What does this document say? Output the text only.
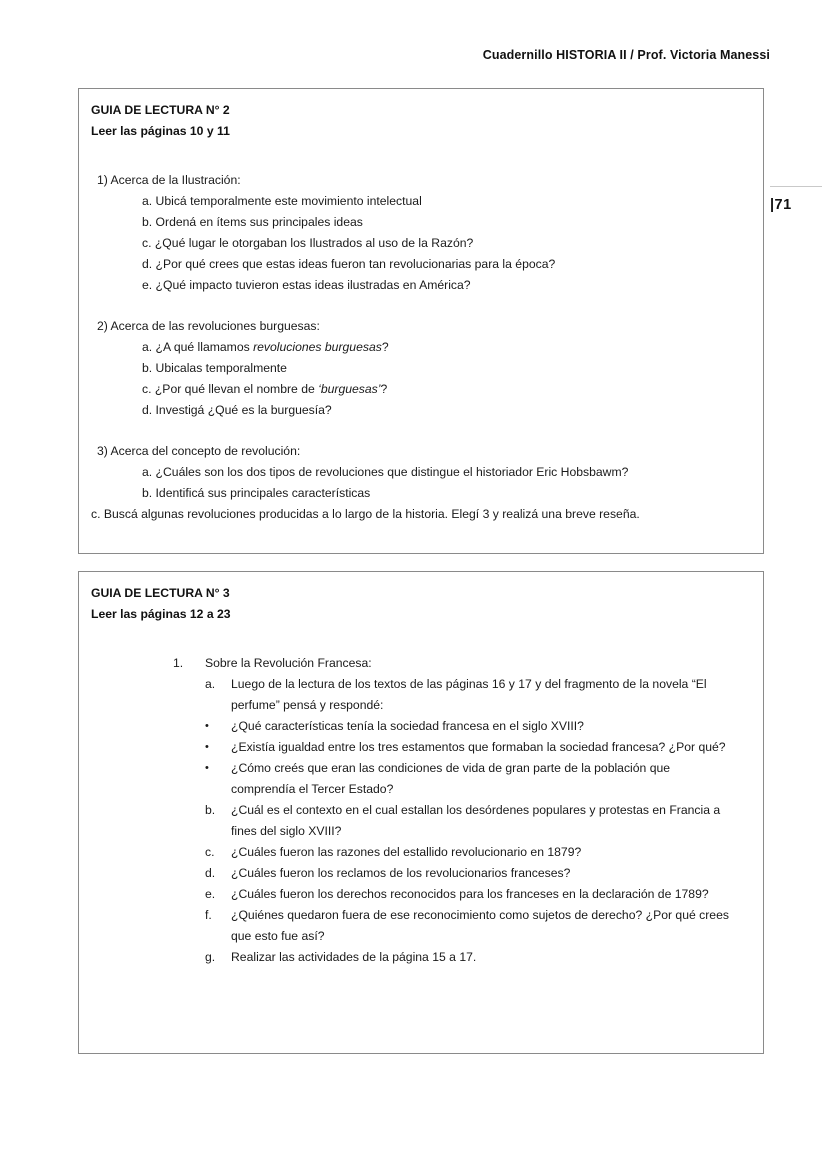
Cuadernillo HISTORIA II / Prof. Victoria Manessi
|71
GUIA DE LECTURA N° 2
Leer las páginas 10 y 11
1) Acerca de la Ilustración:
a. Ubicá temporalmente este movimiento intelectual
b. Ordená en ítems sus principales ideas
c. ¿Qué lugar le otorgaban los Ilustrados al uso de la Razón?
d. ¿Por qué crees que estas ideas fueron tan revolucionarias para la época?
e. ¿Qué impacto tuvieron estas ideas ilustradas en América?
2) Acerca de las revoluciones burguesas:
a. ¿A qué llamamos revoluciones burguesas?
b. Ubicalas temporalmente
c. ¿Por qué llevan el nombre de ‘burguesas’?
d. Investigá ¿Qué es la burguesía?
3) Acerca del concepto de revolución:
a. ¿Cuáles son los dos tipos de revoluciones que distingue el historiador Eric Hobsbawm?
b. Identificá sus principales características
c. Buscá algunas revoluciones producidas a lo largo de la historia. Elegí 3 y realizá una breve reseña.
GUIA DE LECTURA N° 3
Leer las páginas 12 a 23
1.	Sobre la Revolución Francesa:
a.	Luego de la lectura de los textos de las páginas 16 y 17 y del fragmento de la novela “El perfume” pensá y respondé:
•	¿Qué características tenía la sociedad francesa en el siglo XVIII?
•	¿Existía igualdad entre los tres estamentos que formaban la sociedad francesa? ¿Por qué?
•	¿Cómo creés que eran las condiciones de vida de gran parte de la población que comprendía el Tercer Estado?
b.	¿Cuál es el contexto en el cual estallan los desórdenes populares y protestas en Francia a fines del siglo XVIII?
c.	¿Cuáles fueron las razones del estallido revolucionario en 1879?
d.	¿Cuáles fueron los reclamos de los revolucionarios franceses?
e.	¿Cuáles fueron los derechos reconocidos para los franceses en la declaración de 1789?
f.	¿Quiénes quedaron fuera de ese reconocimiento como sujetos de derecho? ¿Por qué crees que esto fue así?
g.	Realizar las actividades de la página 15 a 17.
